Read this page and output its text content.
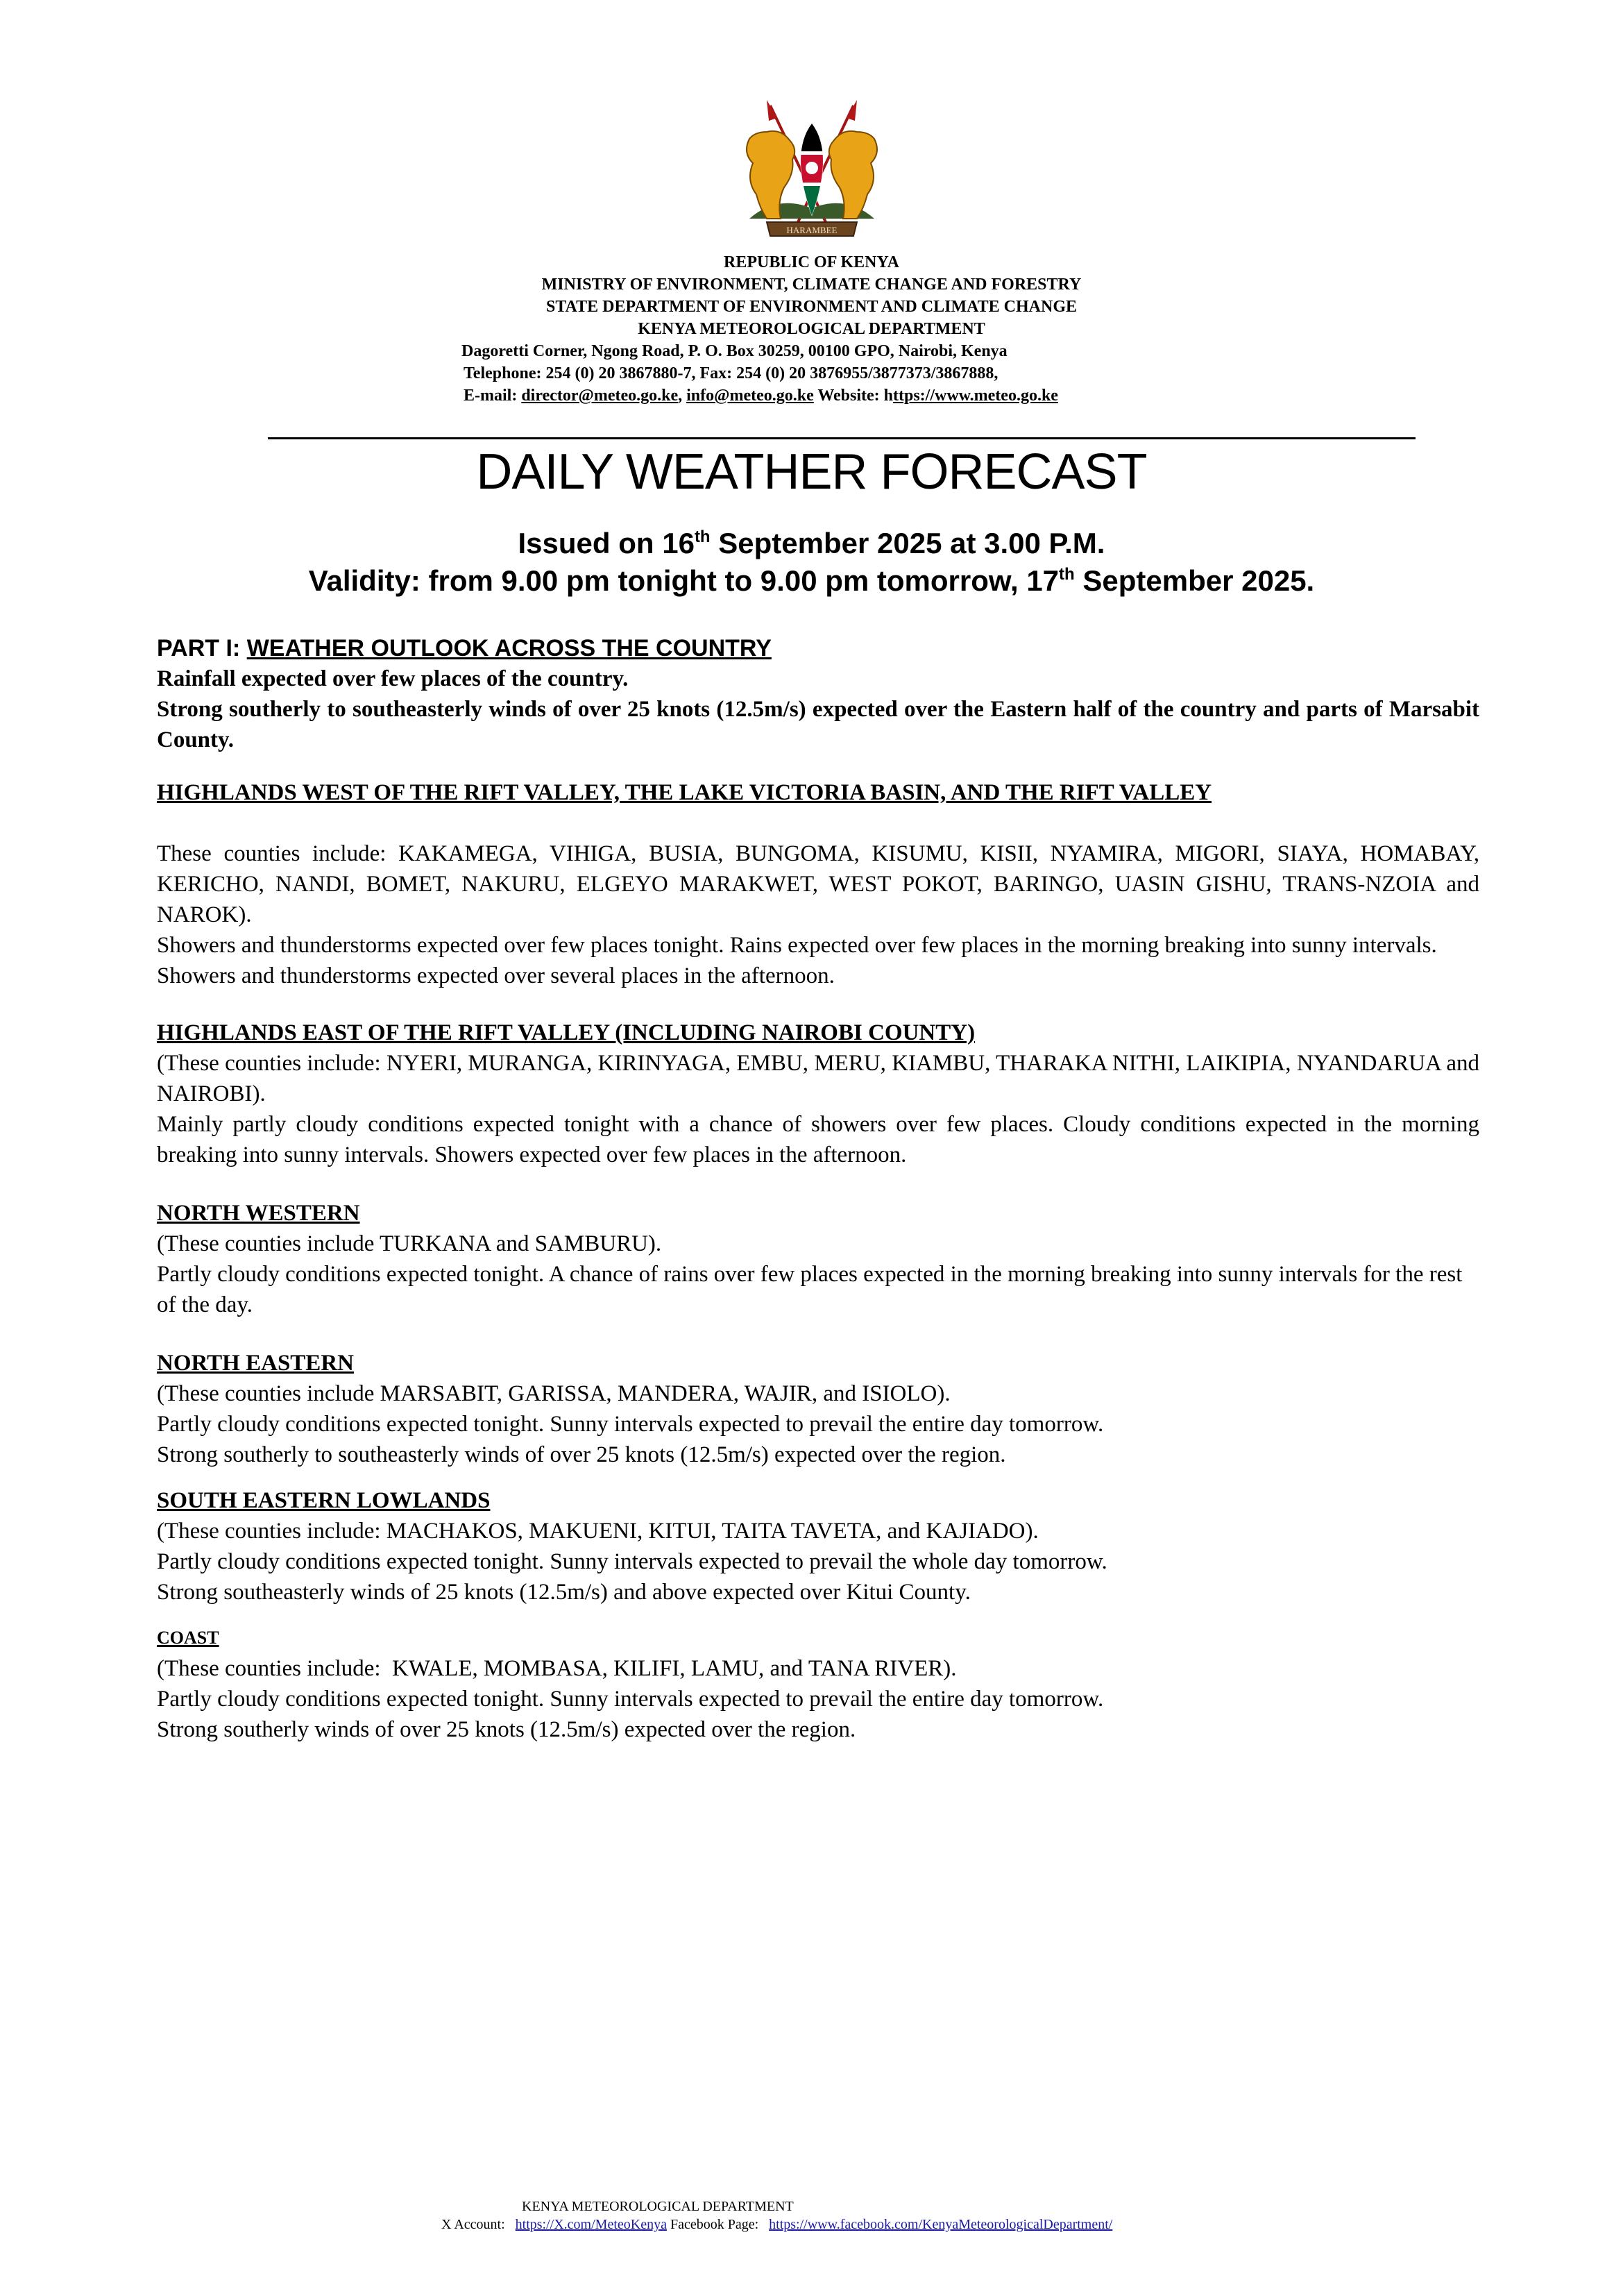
HARAMBEE
REPUBLIC OF KENYA
MINISTRY OF ENVIRONMENT, CLIMATE CHANGE AND FORESTRY
STATE DEPARTMENT OF ENVIRONMENT AND CLIMATE CHANGE
KENYA METEOROLOGICAL DEPARTMENT
Dagoretti Corner, Ngong Road, P. O. Box 30259, 00100 GPO, Nairobi, Kenya
Telephone: 254 (0) 20 3867880-7, Fax: 254 (0) 20 3876955/3877373/3867888,
E-mail: director@meteo.go.ke, info@meteo.go.ke Website: https://www.meteo.go.ke
DAILY WEATHER FORECAST
Issued on 16th September 2025 at 3.00 P.M.
Validity: from 9.00 pm tonight to 9.00 pm tomorrow, 17th September 2025.

PART I: WEATHER OUTLOOK ACROSS THE COUNTRY

Rainfall expected over few places of the country.

Strong southerly to southeasterly winds of over 25 knots (12.5m/s) expected over the Eastern half of the country and parts of Marsabit County.

HIGHLANDS WEST OF THE RIFT VALLEY, THE LAKE VICTORIA BASIN, AND THE RIFT VALLEY

These counties include: KAKAMEGA, VIHIGA, BUSIA, BUNGOMA, KISUMU, KISII, NYAMIRA, MIGORI, SIAYA, HOMABAY, KERICHO, NANDI, BOMET, NAKURU, ELGEYO MARAKWET, WEST POKOT, BARINGO, UASIN GISHU, TRANS-NZOIA and NAROK).

Showers and thunderstorms expected over few places tonight. Rains expected over few places in the morning breaking into sunny intervals. Showers and thunderstorms expected over several places in the afternoon.

HIGHLANDS EAST OF THE RIFT VALLEY (INCLUDING NAIROBI COUNTY)

(These counties include: NYERI, MURANGA, KIRINYAGA, EMBU, MERU, KIAMBU, THARAKA NITHI, LAIKIPIA, NYANDARUA and NAIROBI).

Mainly partly cloudy conditions expected tonight with a chance of showers over few places. Cloudy conditions expected in the morning breaking into sunny intervals. Showers expected over few places in the afternoon.

NORTH WESTERN

(These counties include TURKANA and SAMBURU).

Partly cloudy conditions expected tonight. A chance of rains over few places expected in the morning breaking into sunny intervals for the rest of the day.

NORTH EASTERN

(These counties include MARSABIT, GARISSA, MANDERA, WAJIR, and ISIOLO).

Partly cloudy conditions expected tonight. Sunny intervals expected to prevail the entire day tomorrow.

Strong southerly to southeasterly winds of over 25 knots (12.5m/s) expected over the region.

SOUTH EASTERN LOWLANDS

(These counties include: MACHAKOS, MAKUENI, KITUI, TAITA TAVETA, and KAJIADO).

Partly cloudy conditions expected tonight. Sunny intervals expected to prevail the whole day tomorrow.

Strong southeasterly winds of 25 knots (12.5m/s) and above expected over Kitui County.

COAST

(These counties include:  KWALE, MOMBASA, KILIFI, LAMU, and TANA RIVER).

Partly cloudy conditions expected tonight. Sunny intervals expected to prevail the entire day tomorrow.

Strong southerly winds of over 25 knots (12.5m/s) expected over the region.

KENYA METEOROLOGICAL DEPARTMENT
X Account:   https://X.com/MeteoKenya Facebook Page:   https://www.facebook.com/KenyaMeteorologicalDepartment/
